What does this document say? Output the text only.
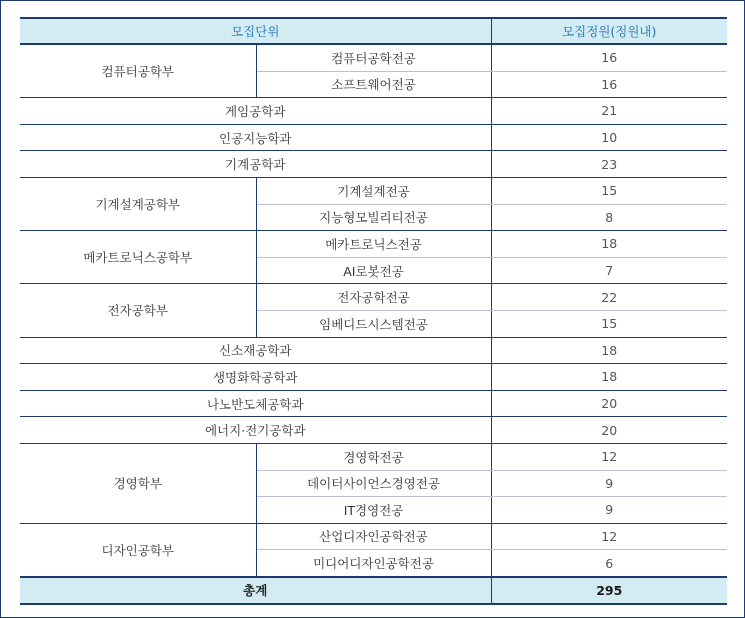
모집단위		모집정원(정원내)
컴퓨터공학부	컴퓨터공학전공	16
	소프트웨어전공	16
게임공학과		21
인공지능학과		10
기계공학과		23
기계설계공학부	기계설계전공	15
	지능형모빌리티전공	8
메카트로닉스공학부	메카트로닉스전공	18
	AI로봇전공	7
전자공학부	전자공학전공	22
	임베디드시스템전공	15
신소재공학과		18
생명화학공학과		18
나노반도체공학과		20
에너지·전기공학과		20
경영학부	경영학전공	12
	데이터사이언스경영전공	9
	IT경영전공	9
디자인공학부	산업디자인공학전공	12
	미디어디자인공학전공	6
총계		295
